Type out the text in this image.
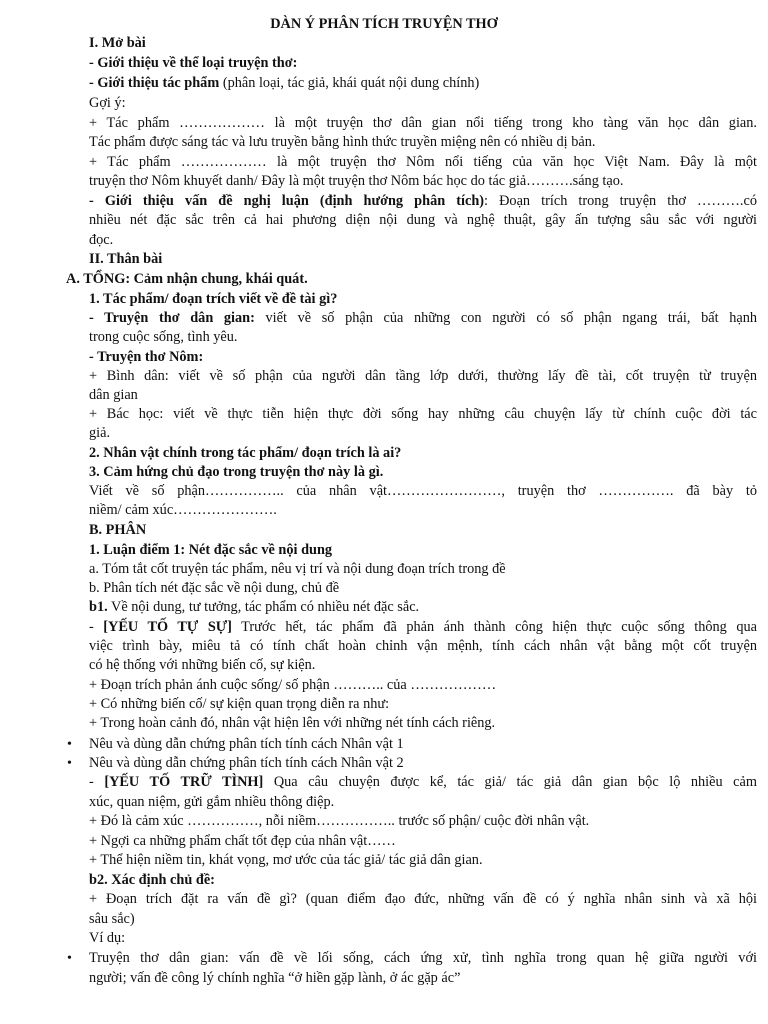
DÀN Ý PHÂN TÍCH TRUYỆN THƠ
I. Mở bài
- Giới thiệu về thể loại truyện thơ:
- Giới thiệu tác phẩm (phân loại, tác giả, khái quát nội dung chính)
Gợi ý:
+ Tác phẩm ……………… là một truyện thơ dân gian nổi tiếng trong kho tàng văn học dân gian.
Tác phẩm được sáng tác và lưu truyền bằng hình thức truyền miệng nên có nhiều dị bản.
+ Tác phẩm ……………… là một truyện thơ Nôm nổi tiếng của văn học Việt Nam. Đây là một
truyện thơ Nôm khuyết danh/ Đây là một truyện thơ Nôm bác học do tác giả……….sáng tạo.
- Giới thiệu vấn đề nghị luận (định hướng phân tích): Đoạn trích trong truyện thơ ……….có
nhiều nét đặc sắc trên cả hai phương diện nội dung và nghệ thuật, gây ấn tượng sâu sắc với người
đọc.
II. Thân bài
A. TỔNG: Cảm nhận chung, khái quát.
1. Tác phẩm/ đoạn trích viết về đề tài gì?
- Truyện thơ dân gian: viết về số phận của những con người có số phận ngang trái, bất hạnh
trong cuộc sống, tình yêu.
- Truyện thơ Nôm:
+ Bình dân: viết về số phận của người dân tầng lớp dưới, thường lấy đề tài, cốt truyện từ truyện
dân gian
+ Bác học: viết về thực tiễn hiện thực đời sống hay những câu chuyện lấy từ chính cuộc đời tác
giả.
2. Nhân vật chính trong tác phẩm/ đoạn trích là ai?
3. Cảm hứng chủ đạo trong truyện thơ này là gì.
Viết về số phận…………….. của nhân vật……………………, truyện thơ ……………. đã bày tỏ
niềm/ cảm xúc………………….
B. PHÂN
1. Luận điểm 1: Nét đặc sắc về nội dung
a. Tóm tắt cốt truyện tác phẩm, nêu vị trí và nội dung đoạn trích trong đề
b. Phân tích nét đặc sắc về nội dung, chủ đề
b1. Về nội dung, tư tưởng, tác phẩm có nhiều nét đặc sắc.
- [YẾU TỐ TỰ SỰ] Trước hết, tác phẩm đã phản ánh thành công hiện thực cuộc sống thông qua
việc trình bày, miêu tả có tính chất hoàn chỉnh vận mệnh, tính cách nhân vật bằng một cốt truyện
có hệ thống với những biến cố, sự kiện.
+ Đoạn trích phản ánh cuộc sống/ số phận ……….. của ………………
+ Có những biến cố/ sự kiện quan trọng diễn ra như:
+ Trong hoàn cảnh đó, nhân vật hiện lên với những nét tính cách riêng.
• Nêu và dùng dẫn chứng phân tích tính cách Nhân vật 1
• Nêu và dùng dẫn chứng phân tích tính cách Nhân vật 2
- [YẾU TỐ TRỮ TÌNH] Qua câu chuyện được kể, tác giả/ tác giả dân gian bộc lộ nhiều cảm
xúc, quan niệm, gửi gắm nhiều thông điệp.
+ Đó là cảm xúc ……………, nỗi niềm…………….. trước số phận/ cuộc đời nhân vật.
+ Ngợi ca những phẩm chất tốt đẹp của nhân vật……
+ Thể hiện niềm tin, khát vọng, mơ ước của tác giả/ tác giả dân gian.
b2. Xác định chủ đề:
+ Đoạn trích đặt ra vấn đề gì? (quan điểm đạo đức, những vấn đề có ý nghĩa nhân sinh và xã hội
sâu sắc)
Ví dụ:
• Truyện thơ dân gian: vấn đề về lối sống, cách ứng xử, tình nghĩa trong quan hệ giữa người với
người; vấn đề công lý chính nghĩa “ở hiền gặp lành, ở ác gặp ác”
